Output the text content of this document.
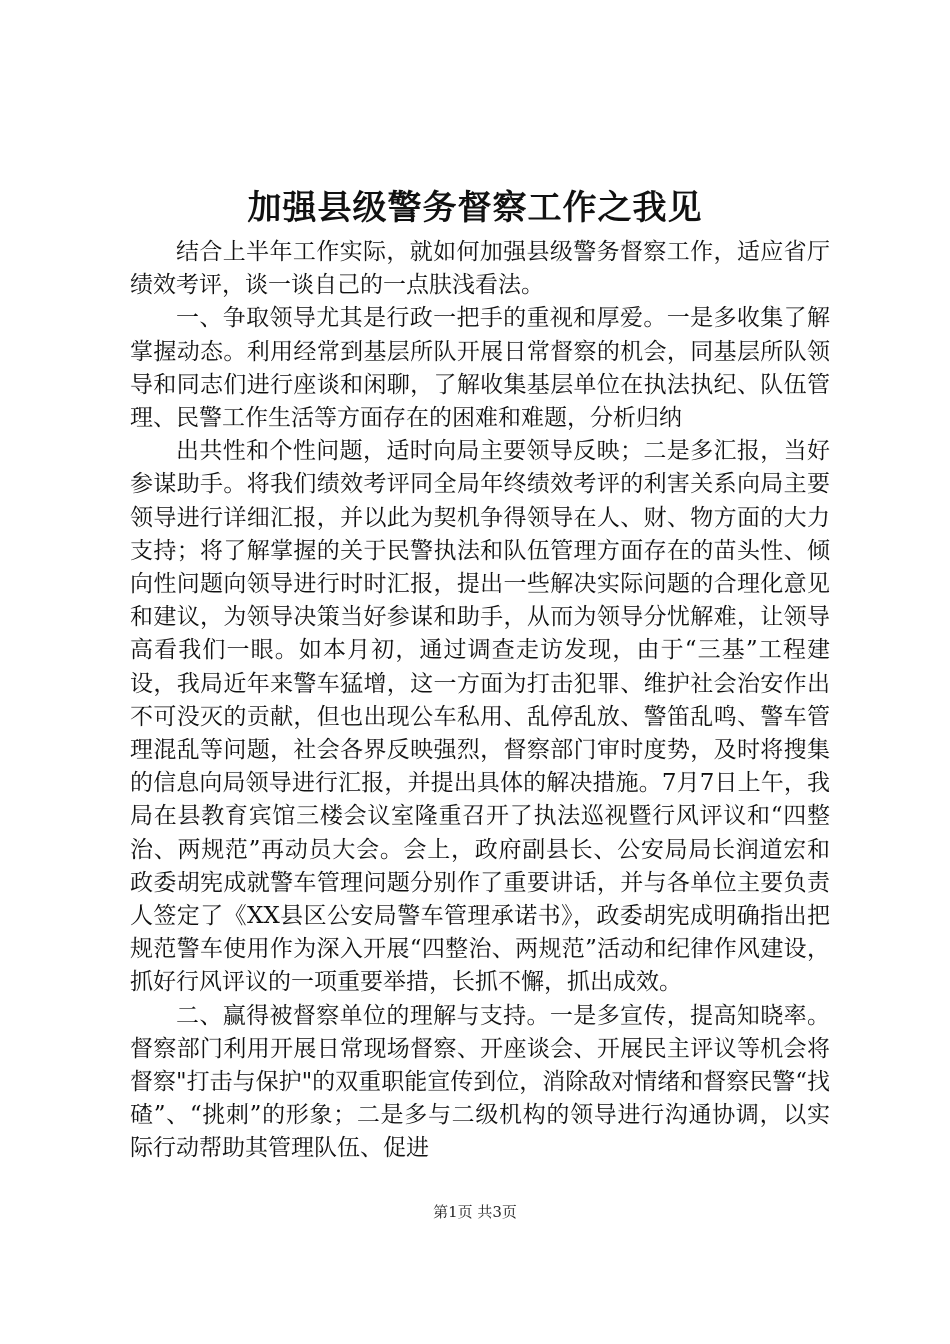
加强县级警务督察工作之我见

结合上半年工作实际，就如何加强县级警务督察工作，适应省厅绩效考评，谈一谈自己的一点肤浅看法。

一、争取领导尤其是行政一把手的重视和厚爱。一是多收集了解掌握动态。利用经常到基层所队开展日常督察的机会，同基层所队领导和同志们进行座谈和闲聊，了解收集基层单位在执法执纪、队伍管理、民警工作生活等方面存在的困难和难题，分析归纳

出共性和个性问题，适时向局主要领导反映；二是多汇报，当好参谋助手。将我们绩效考评同全局年终绩效考评的利害关系向局主要领导进行详细汇报，并以此为契机争得领导在人、财、物方面的大力支持；将了解掌握的关于民警执法和队伍管理方面存在的苗头性、倾向性问题向领导进行时时汇报，提出一些解决实际问题的合理化意见和建议，为领导决策当好参谋和助手，从而为领导分忧解难，让领导高看我们一眼。如本月初，通过调查走访发现，由于“三基”工程建设，我局近年来警车猛增，这一方面为打击犯罪、维护社会治安作出不可没灭的贡献，但也出现公车私用、乱停乱放、警笛乱鸣、警车管理混乱等问题，社会各界反映强烈，督察部门审时度势，及时将搜集的信息向局领导进行汇报，并提出具体的解决措施。7月7日上午，我局在县教育宾馆三楼会议室隆重召开了执法巡视暨行风评议和“四整治、两规范”再动员大会。会上，政府副县长、公安局局长润道宏和政委胡宪成就警车管理问题分别作了重要讲话，并与各单位主要负责人签定了《XX县区公安局警车管理承诺书》，政委胡宪成明确指出把规范警车使用作为深入开展“四整治、两规范”活动和纪律作风建设，抓好行风评议的一项重要举措，长抓不懈，抓出成效。

二、赢得被督察单位的理解与支持。一是多宣传，提高知晓率。督察部门利用开展日常现场督察、开座谈会、开展民主评议等机会将督察"打击与保护"的双重职能宣传到位，消除敌对情绪和督察民警“找碴”、“挑刺”的形象；二是多与二级机构的领导进行沟通协调，以实际行动帮助其管理队伍、促进

第1页 共3页
